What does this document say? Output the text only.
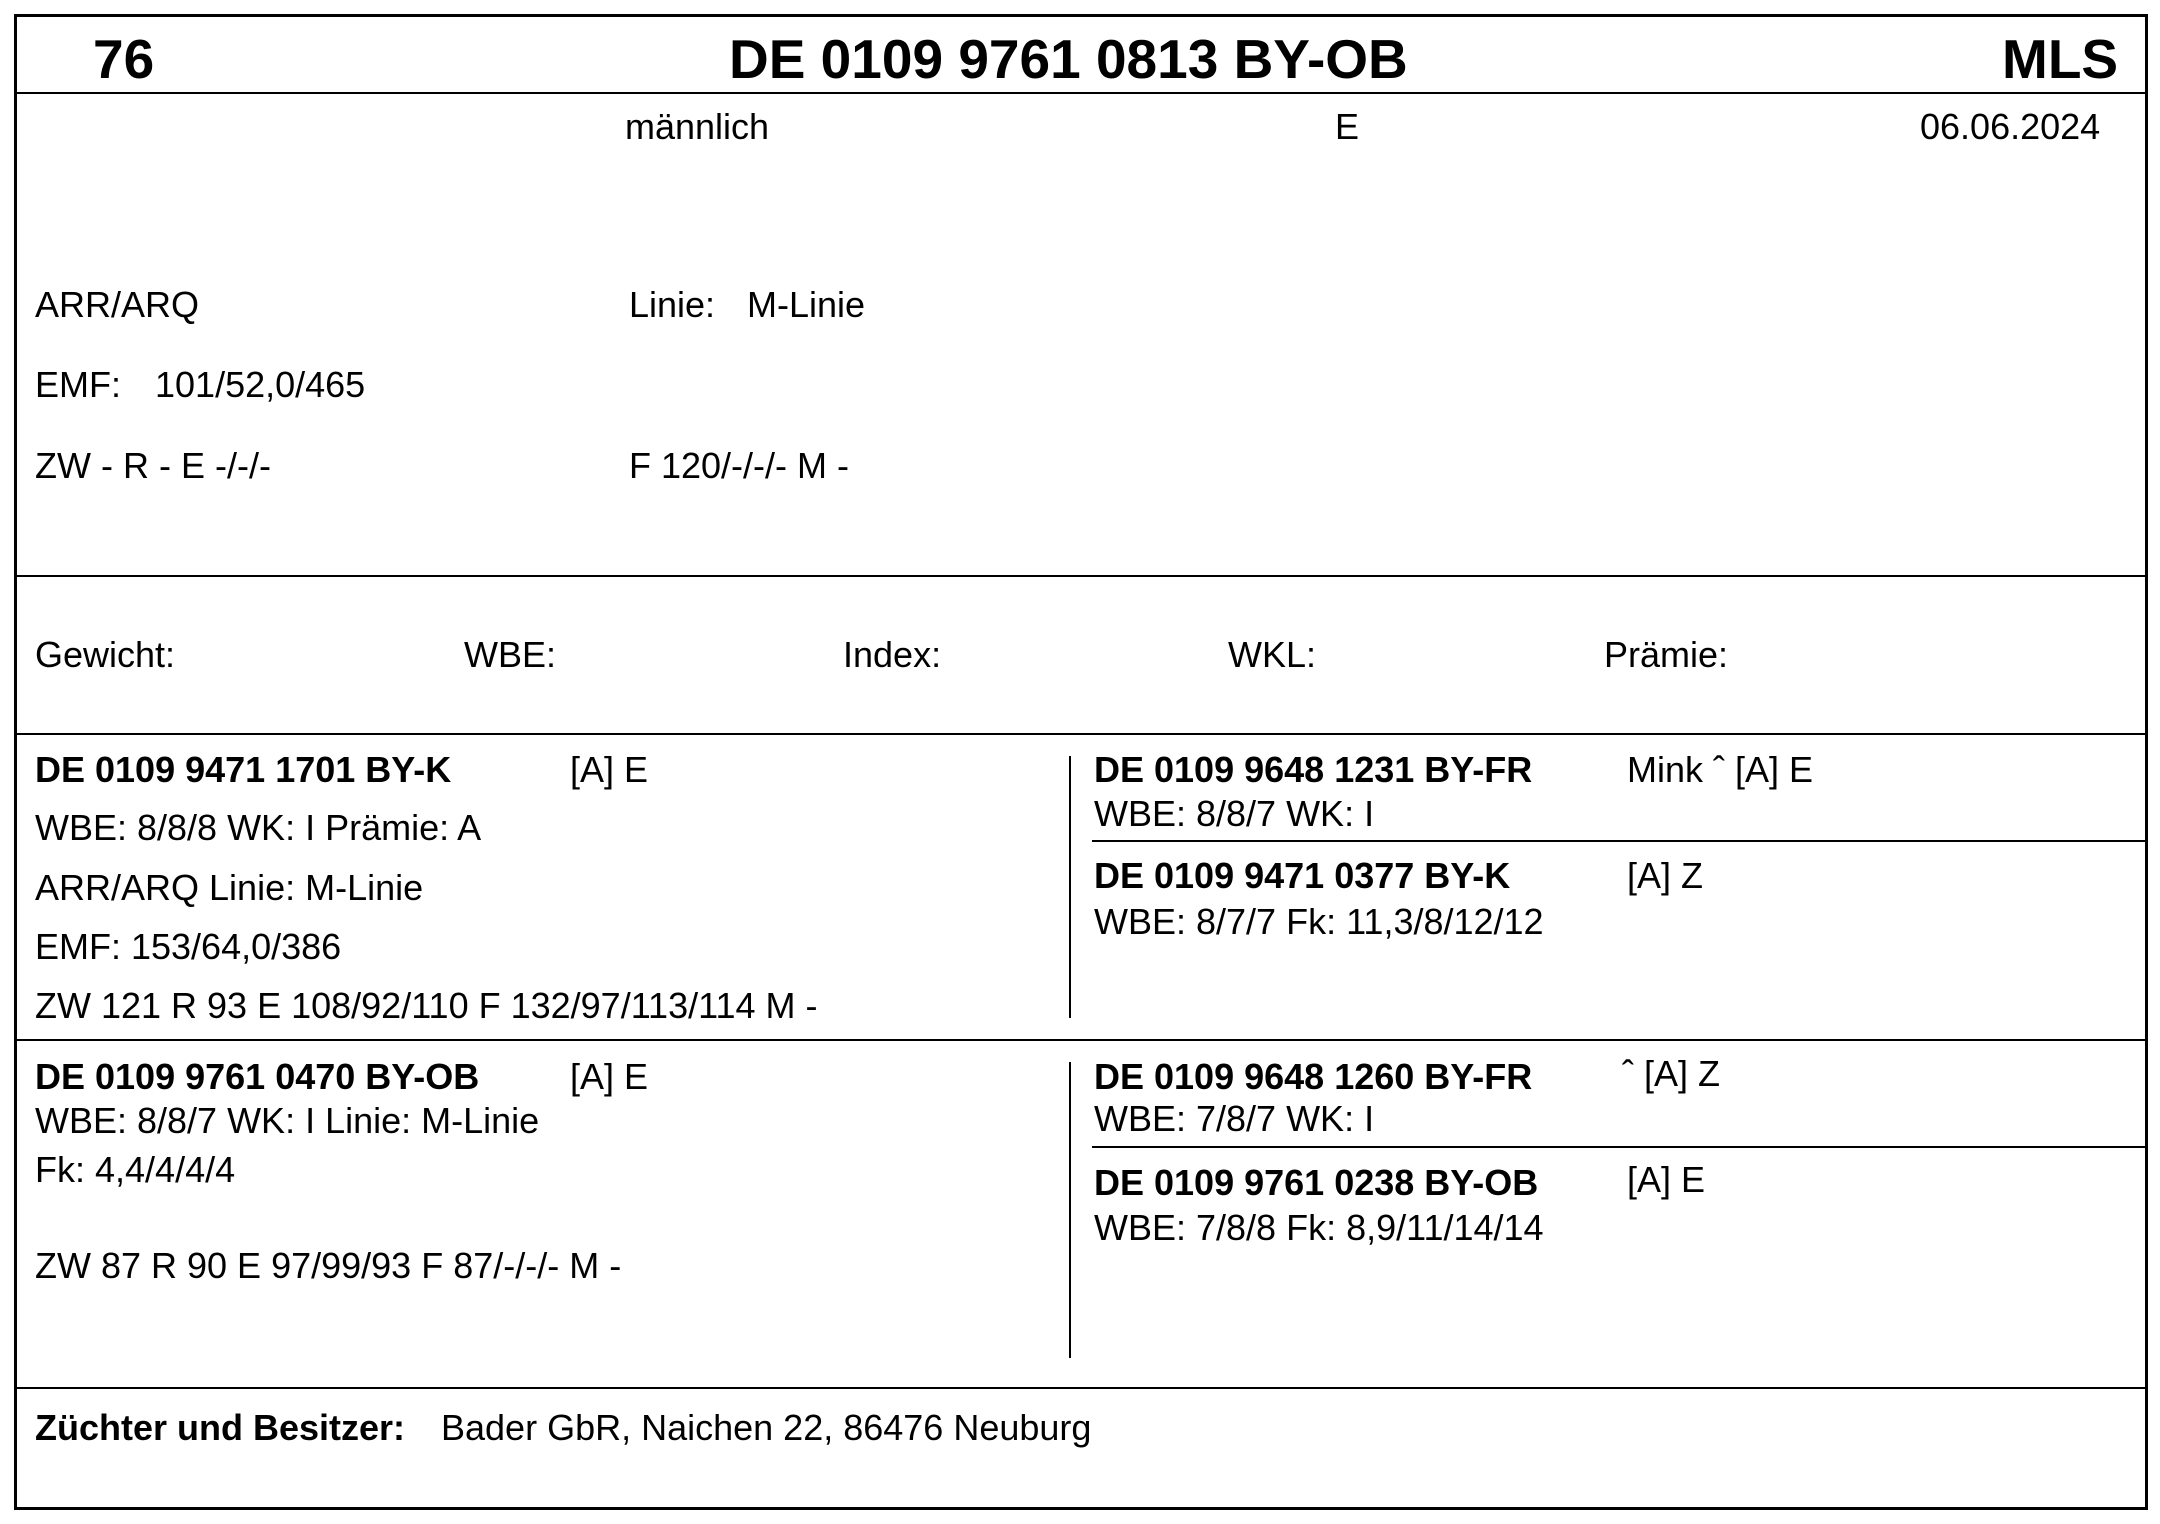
76	DE 0109 9761 0813 BY-OB	MLS
männlich	E	06.06.2024
ARR/ARQ	Linie: M-Linie
EMF: 101/52,0/465
ZW - R - E -/-/-	F 120/-/-/- M -
Gewicht:	WBE:	Index:	WKL:	Prämie:
DE 0109 9471 1701 BY-K	[A] E
WBE: 8/8/8 WK: I Prämie: A
ARR/ARQ Linie: M-Linie
EMF: 153/64,0/386
ZW 121 R 93 E 108/92/110 F 132/97/113/114 M -
DE 0109 9648 1231 BY-FR	Mink ˆ [A] E
WBE: 8/8/7 WK: I
DE 0109 9471 0377 BY-K	[A] Z
WBE: 8/7/7 Fk: 11,3/8/12/12
DE 0109 9761 0470 BY-OB	[A] E
WBE: 8/8/7 WK: I Linie: M-Linie
Fk: 4,4/4/4/4
ZW 87 R 90 E 97/99/93 F 87/-/-/- M -
DE 0109 9648 1260 BY-FR ˆ [A] Z
WBE: 7/8/7 WK: I
DE 0109 9761 0238 BY-OB [A] E
WBE: 7/8/8 Fk: 8,9/11/14/14
Züchter und Besitzer: Bader GbR, Naichen 22, 86476 Neuburg
